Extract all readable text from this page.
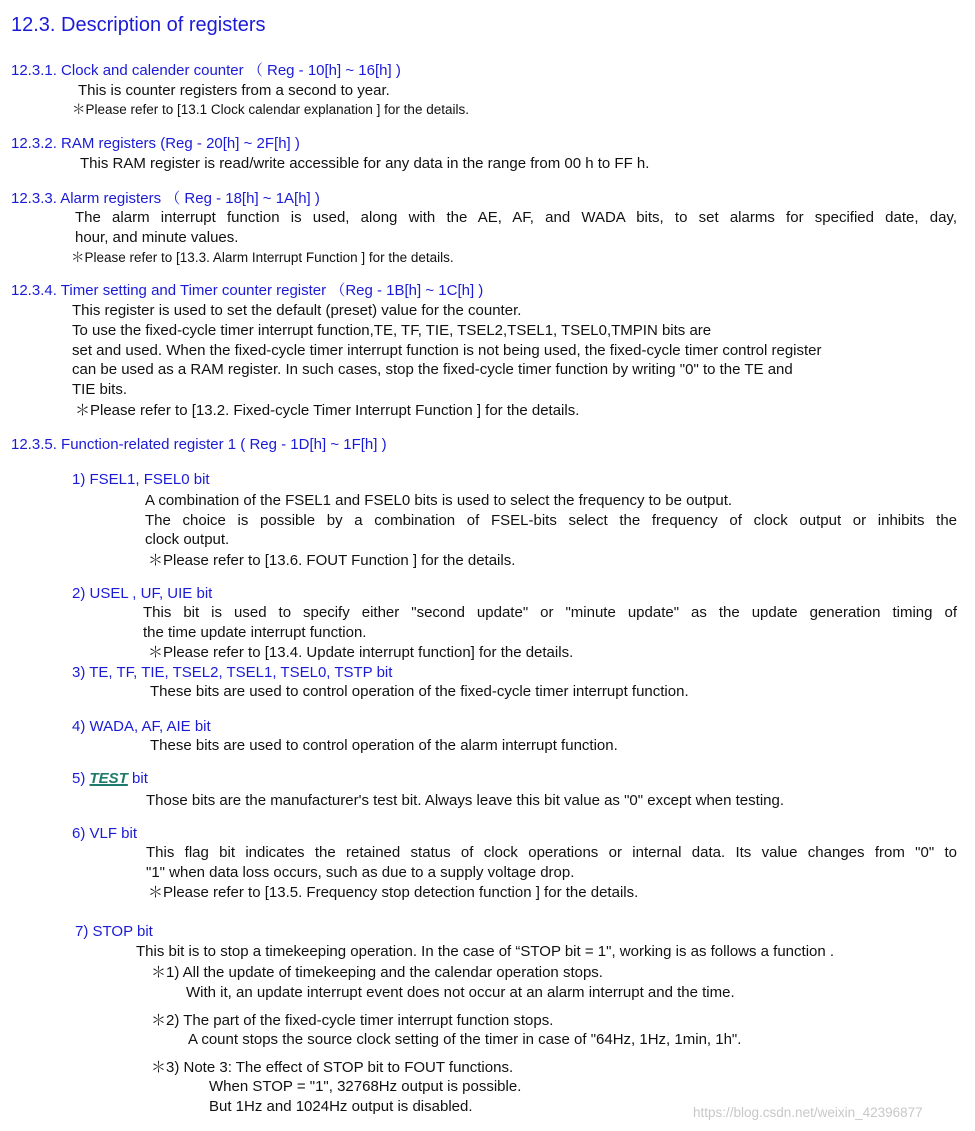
12.3. Description of registers
12.3.1. Clock and calender counter （ Reg - 10[h] ~ 16[h] )
This is counter registers from a second to year.
＊Please refer to [13.1 Clock calendar explanation ] for the details.
12.3.2. RAM registers (Reg - 20[h] ~ 2F[h] )
This RAM register is read/write accessible for any data in the range from 00 h to FF h.
12.3.3. Alarm registers （ Reg - 18[h] ~ 1A[h] )
The alarm interrupt function is used, along with the AE, AF, and WADA bits, to set alarms for specified date, day,
hour, and minute values.
＊Please refer to [13.3. Alarm Interrupt Function ] for the details.
12.3.4. Timer setting and Timer counter register （Reg - 1B[h] ~ 1C[h] )
This register is used to set the default (preset) value for the counter.
To use the fixed-cycle timer interrupt function,TE, TF, TIE, TSEL2,TSEL1, TSEL0,TMPIN bits are
set and used. When the fixed-cycle timer interrupt function is not being used, the fixed-cycle timer control register
can be used as a RAM register. In such cases, stop the fixed-cycle timer function by writing "0" to the TE and
TIE bits.
＊Please refer to [13.2. Fixed-cycle Timer Interrupt Function ] for the details.
12.3.5. Function-related register 1 ( Reg - 1D[h] ~ 1F[h] )
1) FSEL1, FSEL0 bit
A combination of the FSEL1 and FSEL0 bits is used to select the frequency to be output.
The choice is possible by a combination of FSEL-bits select the frequency of clock output or inhibits the
clock output.
＊Please refer to [13.6. FOUT Function ] for the details.
2) USEL , UF, UIE bit
This bit is used to specify either "second update" or "minute update" as the update generation timing of
the time update interrupt function.
＊Please refer to [13.4. Update interrupt function] for the details.
3) TE, TF, TIE, TSEL2, TSEL1, TSEL0, TSTP bit
These bits are used to control operation of the fixed-cycle timer interrupt function.
4) WADA, AF, AIE bit
These bits are used to control operation of the alarm interrupt function.
5) TEST bit
Those bits are the manufacturer's test bit. Always leave this bit value as "0" except when testing.
6) VLF bit
This flag bit indicates the retained status of clock operations or internal data. Its value changes from "0" to
"1" when data loss occurs, such as due to a supply voltage drop.
＊Please refer to [13.5. Frequency stop detection function ] for the details.
7) STOP bit
This bit is to stop a timekeeping operation. In the case of “STOP bit = 1", working is as follows a function .
＊1) All the update of timekeeping and the calendar operation stops.
With it, an update interrupt event does not occur at an alarm interrupt and the time.
＊2) The part of the fixed-cycle timer interrupt function stops.
A count stops the source clock setting of the timer in case of "64Hz, 1Hz, 1min, 1h".
＊3) Note 3: The effect of STOP bit to FOUT functions.
When STOP = "1", 32768Hz output is possible.
But 1Hz and 1024Hz output is disabled.	https://blog.csdn.net/weixin_42396877
